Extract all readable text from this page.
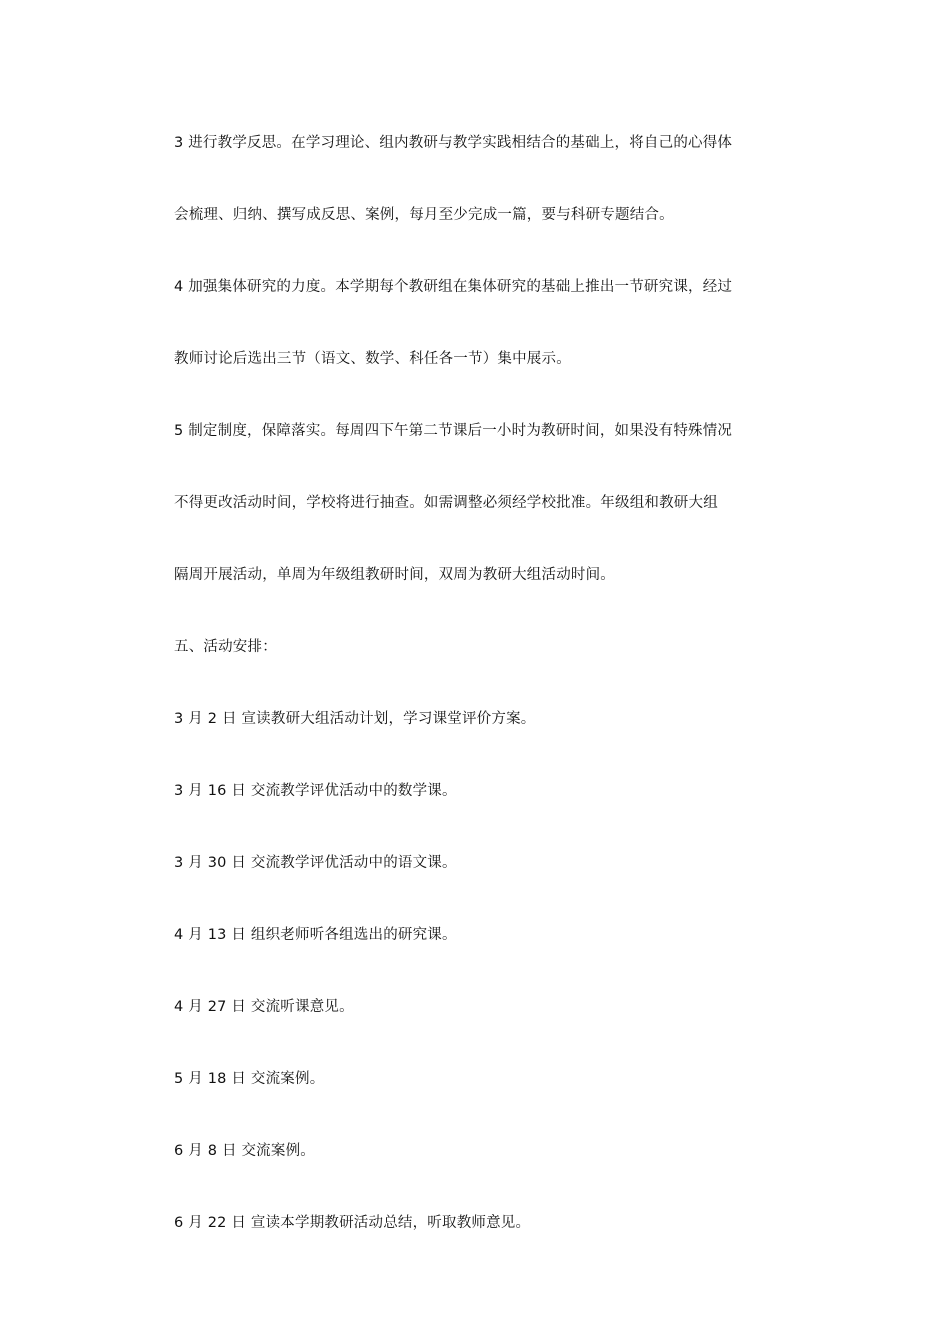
3 进行教学反思。在学习理论、组内教研与教学实践相结合的基础上，将自己的心得体

会梳理、归纳、撰写成反思、案例，每月至少完成一篇，要与科研专题结合。

4 加强集体研究的力度。本学期每个教研组在集体研究的基础上推出一节研究课，经过

教师讨论后选出三节（语文、数学、科任各一节）集中展示。

5 制定制度，保障落实。每周四下午第二节课后一小时为教研时间，如果没有特殊情况

不得更改活动时间，学校将进行抽查。如需调整必须经学校批准。年级组和教研大组

隔周开展活动，单周为年级组教研时间，双周为教研大组活动时间。

五、活动安排：

3 月 2 日 宣读教研大组活动计划，学习课堂评价方案。

3 月 16 日 交流教学评优活动中的数学课。

3 月 30 日 交流教学评优活动中的语文课。

4 月 13 日 组织老师听各组选出的研究课。

4 月 27 日 交流听课意见。

5 月 18 日 交流案例。

6 月 8 日 交流案例。

6 月 22 日 宣读本学期教研活动总结，听取教师意见。
